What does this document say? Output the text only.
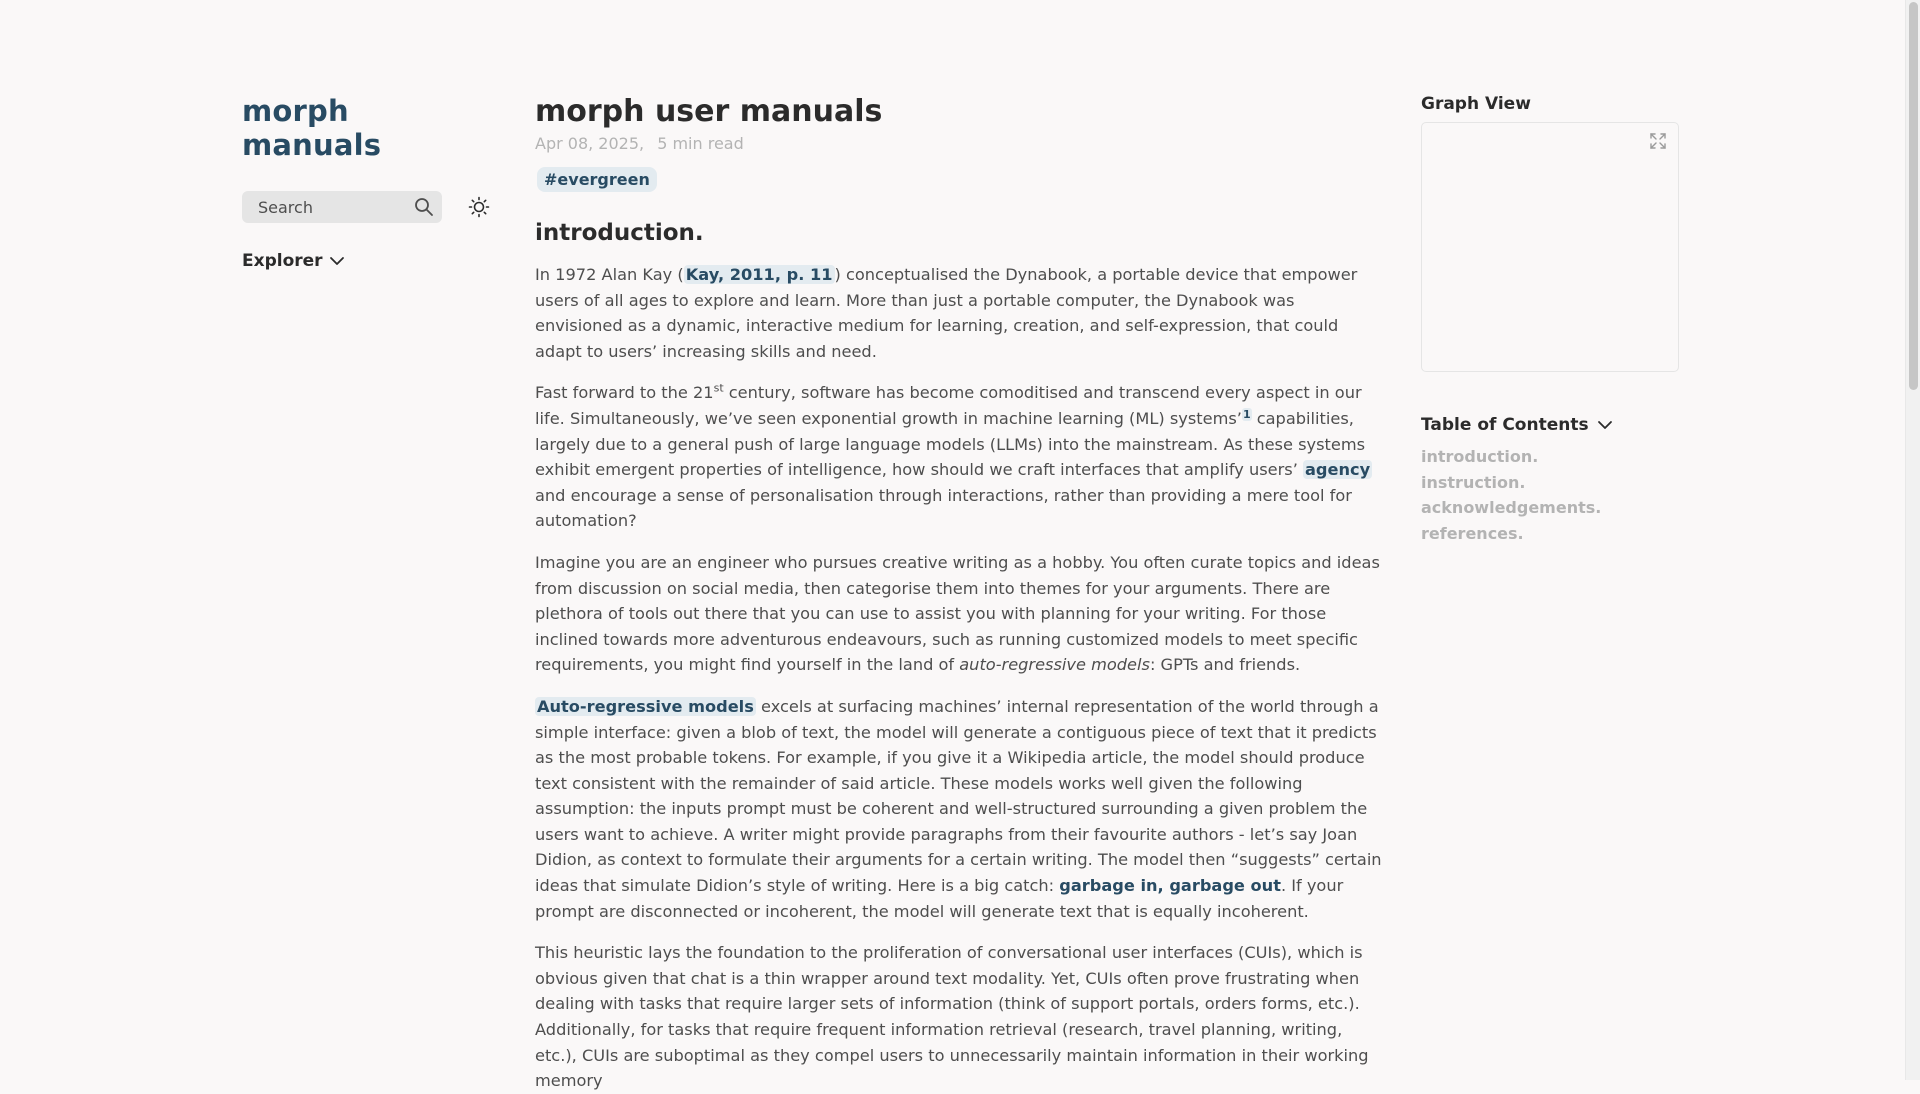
morph manuals
Search
Explorer
morph user manuals
Apr 08, 2025, 5 min read
#evergreen
introduction.

In 1972 Alan Kay ( Kay, 2011, p. 11 ) conceptualised the Dynabook, a portable device that empower users of all ages to explore and learn. More than just a portable computer, the Dynabook was envisioned as a dynamic, interactive medium for learning, creation, and self-expression, that could adapt to users’ increasing skills and need.

Fast forward to the 21st century, software has become comoditised and transcend every aspect in our life. Simultaneously, we’ve seen exponential growth in machine learning (ML) systems’$^1$ capabilities, largely due to a general push of large language models (LLMs) into the mainstream. As these systems exhibit emergent properties of intelligence, how should we craft interfaces that amplify users’ agency and encourage a sense of personalisation through interactions, rather than providing a mere tool for automation?

Imagine you are an engineer who pursues creative writing as a hobby. You often curate topics and ideas from discussion on social media, then categorise them into themes for your arguments. There are plethora of tools out there that you can use to assist you with planning for your writing. For those inclined towards more adventurous endeavours, such as running customized models to meet specific requirements, you might find yourself in the land of auto-regressive models: GPTs and friends.

Auto-regressive models excels at surfacing machines’ internal representation of the world through a simple interface: given a blob of text, the model will generate a contiguous piece of text that it predicts as the most probable tokens. For example, if you give it a Wikipedia article, the model should produce text consistent with the remainder of said article. These models works well given the following assumption: the inputs prompt must be coherent and well-structured surrounding a given problem the users want to achieve. A writer might provide paragraphs from their favourite authors - let’s say Joan Didion, as context to formulate their arguments for a certain writing. The model then “suggests” certain ideas that simulate Didion’s style of writing. Here is a big catch: garbage in, garbage out. If your prompt are disconnected or incoherent, the model will generate text that is equally incoherent.

This heuristic lays the foundation to the proliferation of conversational user interfaces (CUIs), which is obvious given that chat is a thin wrapper around text modality. Yet, CUIs often prove frustrating when dealing with tasks that require larger sets of information (think of support portals, orders forms, etc.). Additionally, for tasks that require frequent information retrieval (research, travel planning, writing, etc.), CUIs are suboptimal as they compel users to unnecessarily maintain information in their working memory

Graph View
Table of Contents
introduction.
instruction.
acknowledgements.
references.
